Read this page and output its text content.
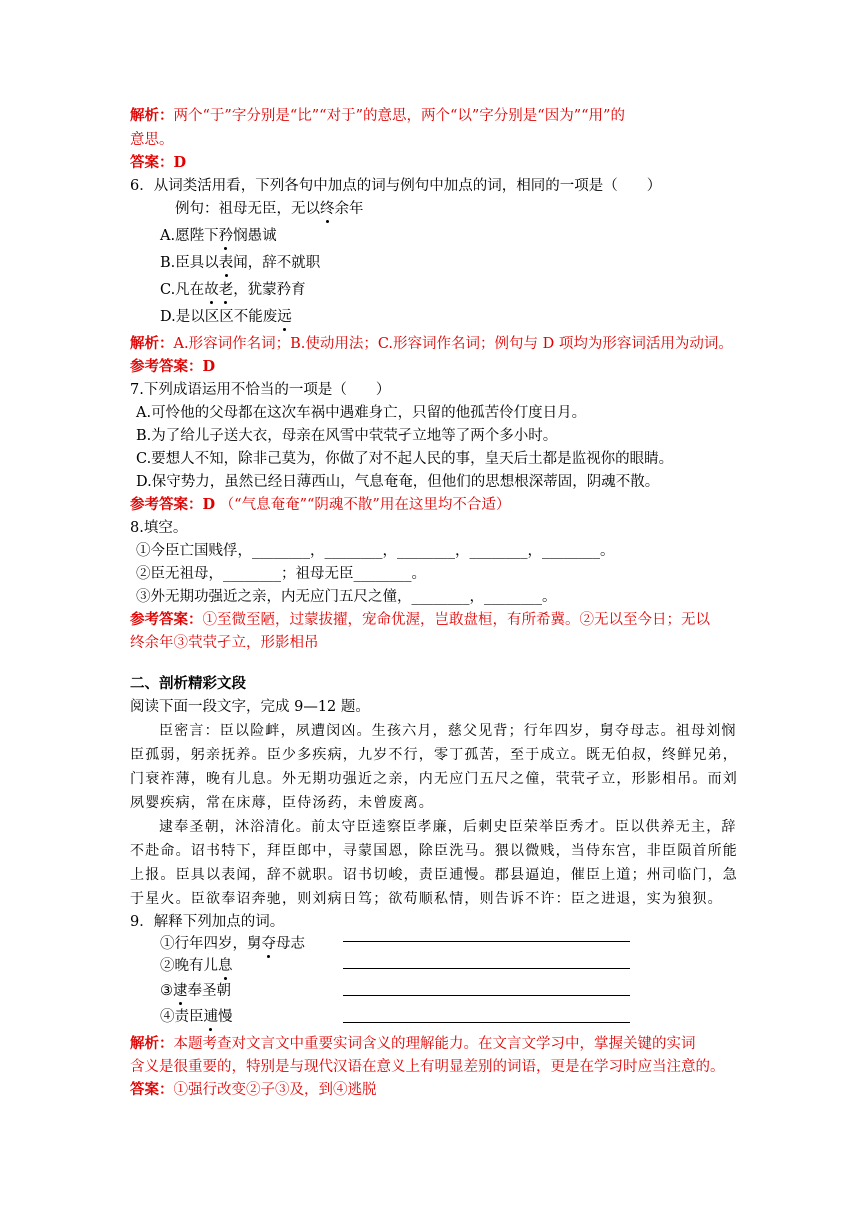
解析：两个“于”字分别是“比”“对于”的意思，两个“以”字分别是“因为”“用”的
意思。
答案：D
6．从词类活用看，下列各句中加点的词与例句中加点的词，相同的一项是（　　）
例句：祖母无臣，无以终余年
A.愿陛下矜悯愚诚
B.臣具以表闻，辞不就职
C.凡在故老，犹蒙矜育
D.是以区区不能废远
解析：A.形容词作名词；B.使动用法；C.形容词作名词；例句与 D 项均为形容词活用为动词。
参考答案：D
7.下列成语运用不恰当的一项是（　　）
A.可怜他的父母都在这次车祸中遇难身亡，只留的他孤苦伶仃度日月。
B.为了给儿子送大衣，母亲在风雪中茕茕孑立地等了两个多小时。
C.要想人不知，除非己莫为，你做了对不起人民的事，皇天后土都是监视你的眼睛。
D.保守势力，虽然已经日薄西山，气息奄奄，但他们的思想根深蒂固，阴魂不散。
参考答案：D （“气息奄奄”“阴魂不散”用在这里均不合适）
8.填空。
①今臣亡国贱俘，________，________，________，________，________。
②臣无祖母，________；祖母无臣________。
③外无期功强近之亲，内无应门五尺之僮，________，________。
参考答案：①至微至陋，过蒙拔擢，宠命优渥，岂敢盘桓，有所希冀。②无以至今日；无以
终余年③茕茕孑立，形影相吊
二、剖析精彩文段
阅读下面一段文字，完成 9—12 题。
臣密言：臣以险衅，夙遭闵凶。生孩六月，慈父见背；行年四岁，舅夺母志。祖母刘悯
臣孤弱，躬亲抚养。臣少多疾病，九岁不行，零丁孤苦，至于成立。既无伯叔，终鲜兄弟，
门衰祚薄，晚有儿息。外无期功强近之亲，内无应门五尺之僮，茕茕孑立，形影相吊。而刘
夙婴疾病，常在床蓐，臣侍汤药，未曾废离。
逮奉圣朝，沐浴清化。前太守臣逵察臣孝廉，后刺史臣荣举臣秀才。臣以供养无主，辞
不赴命。诏书特下，拜臣郎中，寻蒙国恩，除臣洗马。猥以微贱，当侍东宫，非臣陨首所能
上报。臣具以表闻，辞不就职。诏书切峻，责臣逋慢。郡县逼迫，催臣上道；州司临门，急
于星火。臣欲奉诏奔驰，则刘病日笃；欲苟顺私情，则告诉不许：臣之进退，实为狼狈。
9．解释下列加点的词。
①行年四岁，舅夺母志
②晚有儿息
③逮奉圣朝
④责臣逋慢
解析：本题考查对文言文中重要实词含义的理解能力。在文言文学习中，掌握关键的实词
含义是很重要的，特别是与现代汉语在意义上有明显差别的词语，更是在学习时应当注意的。
答案：①强行改变②子③及，到④逃脱
